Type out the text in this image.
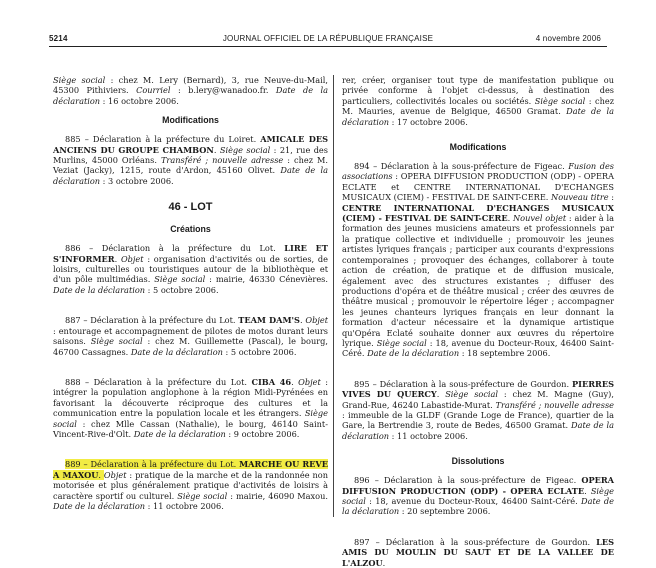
5214	JOURNAL OFFICIEL DE LA RÉPUBLIQUE FRANÇAISE	4 novembre 2006
Siège social : chez M. Lery (Bernard), 3, rue Neuve-du-Mail, 45300 Pithiviers. Courriel : b.lery@wanadoo.fr. Date de la déclaration : 16 octobre 2006.
Modifications
885 – Déclaration à la préfecture du Loiret. AMICALE DES ANCIENS DU GROUPE CHAMBON. Siège social : 21, rue des Murlins, 45000 Orléans. Transféré ; nouvelle adresse : chez M. Veziat (Jacky), 1215, route d'Ardon, 45160 Olivet. Date de la déclaration : 3 octobre 2006.
46 - LOT
Créations
886 – Déclaration à la préfecture du Lot. LIRE ET S'INFORMER. Objet : organisation d'activités ou de sorties, de loisirs, culturelles ou touristiques autour de la bibliothèque et d'un pôle multimédias. Siège social : mairie, 46330 Cénevières. Date de la déclaration : 5 octobre 2006.
887 – Déclaration à la préfecture du Lot. TEAM DAM'S. Objet : entourage et accompagnement de pilotes de motos durant leurs saisons. Siège social : chez M. Guillemette (Pascal), le bourg, 46700 Cassagnes. Date de la déclaration : 5 octobre 2006.
888 – Déclaration à la préfecture du Lot. CIBA 46. Objet : intégrer la population anglophone à la région Midi-Pyrénées en favorisant la découverte réciproque des cultures et la communication entre la population locale et les étrangers. Siège social : chez Mlle Cassan (Nathalie), le bourg, 46140 Saint-Vincent-Rive-d'Olt. Date de la déclaration : 9 octobre 2006.
889 – Déclaration à la préfecture du Lot. MARCHE OU REVE A MAXOU. Objet : pratique de la marche et de la randonnée non motorisée et plus généralement pratique d'activités de loisirs à caractère sportif ou culturel. Siège social : mairie, 46090 Maxou. Date de la déclaration : 11 octobre 2006.
rer, créer, organiser tout type de manifestation publique ou privée conforme à l'objet ci-dessus, à destination des particuliers, collectivités locales ou sociétés. Siège social : chez M. Mauries, avenue de Belgique, 46500 Gramat. Date de la déclaration : 17 octobre 2006.
Modifications
894 – Déclaration à la sous-préfecture de Figeac. Fusion des associations : OPERA DIFFUSION PRODUCTION (ODP) - OPERA ECLATE et CENTRE INTERNATIONAL D'ECHANGES MUSICAUX (CIEM) - FESTIVAL DE SAINT-CERE. Nouveau titre : CENTRE INTERNATIONAL D'ECHANGES MUSICAUX (CIEM) - FESTIVAL DE SAINT-CERE. Nouvel objet : aider à la formation des jeunes musiciens amateurs et professionnels par la pratique collective et individuelle ; promouvoir les jeunes artistes lyriques français ; participer aux courants d'expressions contemporaines ; provoquer des échanges, collaborer à toute action de création, de pratique et de diffusion musicale, également avec des structures existantes ; diffuser des productions d'opéra et de théâtre musical ; créer des œuvres de théâtre musical ; promouvoir le répertoire léger ; accompagner les jeunes chanteurs lyriques français en leur donnant la formation d'acteur nécessaire et la dynamique artistique qu'Opéra Eclaté souhaite donner aux œuvres du répertoire lyrique. Siège social : 18, avenue du Docteur-Roux, 46400 Saint-Céré. Date de la déclaration : 18 septembre 2006.
895 – Déclaration à la sous-préfecture de Gourdon. PIERRES VIVES DU QUERCY. Siège social : chez M. Magne (Guy), Grand-Rue, 46240 Labastide-Murat. Transféré ; nouvelle adresse : immeuble de la GLDF (Grande Loge de France), quartier de la Gare, la Bertrendie 3, route de Bedes, 46500 Gramat. Date de la déclaration : 11 octobre 2006.
Dissolutions
896 – Déclaration à la sous-préfecture de Figeac. OPERA DIFFUSION PRODUCTION (ODP) - OPERA ECLATE. Siège social : 18, avenue du Docteur-Roux, 46400 Saint-Céré. Date de la déclaration : 20 septembre 2006.
897 – Déclaration à la sous-préfecture de Gourdon. LES AMIS DU MOULIN DU SAUT ET DE LA VALLEE DE L'ALZOU.
